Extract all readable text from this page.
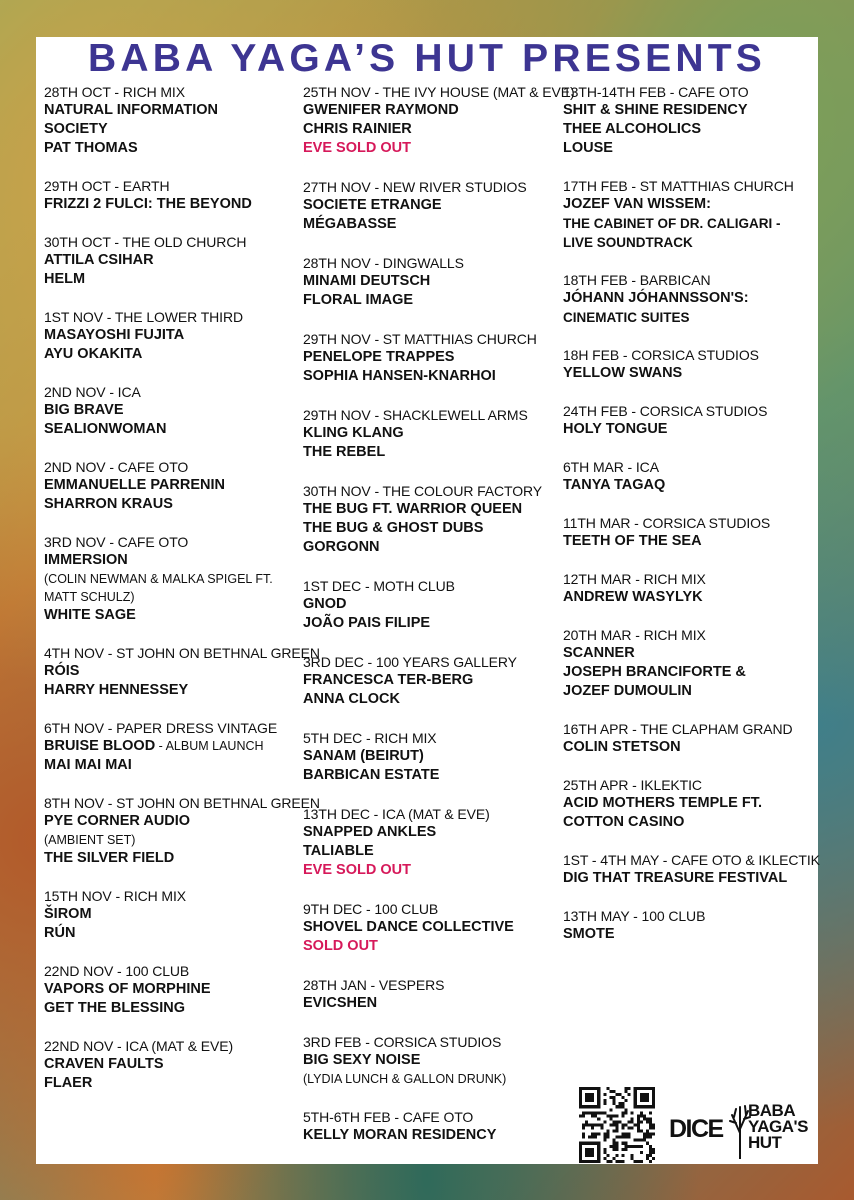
BABA YAGA’S HUT PRESENTS
28TH OCT - RICH MIX
NATURAL INFORMATION
SOCIETY
PAT THOMAS
29TH OCT - EARTH
FRIZZI 2 FULCI: THE BEYOND
30TH OCT - THE OLD CHURCH
ATTILA CSIHAR
HELM
1ST NOV - THE LOWER THIRD
MASAYOSHI FUJITA
AYU OKAKITA
2ND NOV - ICA
BIG BRAVE
SEALIONWOMAN
2ND NOV - CAFE OTO
EMMANUELLE PARRENIN
SHARRON KRAUS
3RD NOV - CAFE OTO
IMMERSION
(COLIN NEWMAN & MALKA SPIGEL FT.
MATT SCHULZ)
WHITE SAGE
4TH NOV - ST JOHN ON BETHNAL GREEN
RÓIS
HARRY HENNESSEY
6TH NOV - PAPER DRESS VINTAGE
BRUISE BLOOD - ALBUM LAUNCH
MAI MAI MAI
8TH NOV - ST JOHN ON BETHNAL GREEN
PYE CORNER AUDIO
(AMBIENT SET)
THE SILVER FIELD
15TH NOV - RICH MIX
ŠIROM
RÚN
22ND NOV - 100 CLUB
VAPORS OF MORPHINE
GET THE BLESSING
22ND NOV - ICA (MAT & EVE)
CRAVEN FAULTS
FLAER
25TH NOV - THE IVY HOUSE (MAT & EVE)
GWENIFER RAYMOND
CHRIS RAINIER
EVE SOLD OUT
27TH NOV - NEW RIVER STUDIOS
SOCIETE ETRANGE
MÉGABASSE
28TH NOV - DINGWALLS
MINAMI DEUTSCH
FLORAL IMAGE
29TH NOV - ST MATTHIAS CHURCH
PENELOPE TRAPPES
SOPHIA HANSEN-KNARHOI
29TH NOV - SHACKLEWELL ARMS
KLING KLANG
THE REBEL
30TH NOV - THE COLOUR FACTORY
THE BUG FT. WARRIOR QUEEN
THE BUG & GHOST DUBS
GORGONN
1ST DEC - MOTH CLUB
GNOD
JOÃO PAIS FILIPE
3RD DEC - 100 YEARS GALLERY
FRANCESCA TER-BERG
ANNA CLOCK
5TH DEC - RICH MIX
SANAM (BEIRUT)
BARBICAN ESTATE
13TH DEC - ICA (MAT & EVE)
SNAPPED ANKLES
TALIABLE
EVE SOLD OUT
9TH DEC - 100 CLUB
SHOVEL DANCE COLLECTIVE
SOLD OUT
28TH JAN - VESPERS
EVICSHEN
3RD FEB - CORSICA STUDIOS
BIG SEXY NOISE
(LYDIA LUNCH & GALLON DRUNK)
5TH-6TH FEB - CAFE OTO
KELLY MORAN RESIDENCY
13TH-14TH FEB - CAFE OTO
SHIT & SHINE RESIDENCY
THEE ALCOHOLICS
LOUSE
17TH FEB - ST MATTHIAS CHURCH
JOZEF VAN WISSEM:
THE CABINET OF DR. CALIGARI -
LIVE SOUNDTRACK
18TH FEB - BARBICAN
JÓHANN JÓHANNSSON'S:
CINEMATIC SUITES
18H FEB - CORSICA STUDIOS
YELLOW SWANS
24TH FEB - CORSICA STUDIOS
HOLY TONGUE
6TH MAR - ICA
TANYA TAGAQ
11TH MAR - CORSICA STUDIOS
TEETH OF THE SEA
12TH MAR - RICH MIX
ANDREW WASYLYK
20TH MAR - RICH MIX
SCANNER
JOSEPH BRANCIFORTE &
JOZEF DUMOULIN
16TH APR - THE CLAPHAM GRAND
COLIN STETSON
25TH APR - IKLEKTIC
ACID MOTHERS TEMPLE FT.
COTTON CASINO
1ST - 4TH MAY - CAFE OTO & IKLECTIK
DIG THAT TREASURE FESTIVAL
13TH MAY - 100 CLUB
SMOTE
DICE
BABA
YAGA'S
HUT
